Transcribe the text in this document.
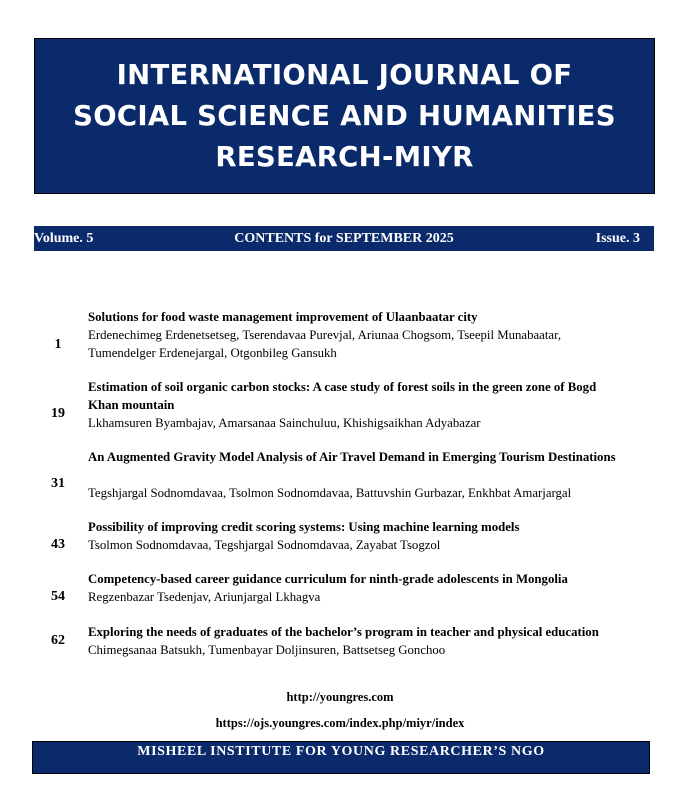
INTERNATIONAL JOURNAL OF
SOCIAL SCIENCE AND HUMANITIES
RESEARCH-MIYR
Volume. 5	CONTENTS for SEPTEMBER 2025	Issue. 3
1
Solutions for food waste management improvement of Ulaanbaatar city
Erdenechimeg Erdenetsetseg, Tserendavaa Purevjal, Ariunaa Chogsom, Tseepil Munabaatar, Tumendelger Erdenejargal, Otgonbileg Gansukh
19
Estimation of soil organic carbon stocks: A case study of forest soils in the green zone of Bogd Khan mountain
Lkhamsuren Byambajav, Amarsanaa Sainchuluu, Khishigsaikhan Adyabazar
31
An Augmented Gravity Model Analysis of Air Travel Demand in Emerging Tourism Destinations
Tegshjargal Sodnomdavaa, Tsolmon Sodnomdavaa, Battuvshin Gurbazar, Enkhbat Amarjargal
43
Possibility of improving credit scoring systems: Using machine learning models
Tsolmon Sodnomdavaa, Tegshjargal Sodnomdavaa, Zayabat Tsogzol
54
Competency-based career guidance curriculum for ninth-grade adolescents in Mongolia
Regzenbazar Tsedenjav, Ariunjargal Lkhagva
62
Exploring the needs of graduates of the bachelor’s program in teacher and physical education
Chimegsanaa Batsukh, Tumenbayar Doljinsuren, Battsetseg Gonchoo
http://youngres.com
https://ojs.youngres.com/index.php/miyr/index
MISHEEL INSTITUTE FOR YOUNG RESEARCHER’S NGO
